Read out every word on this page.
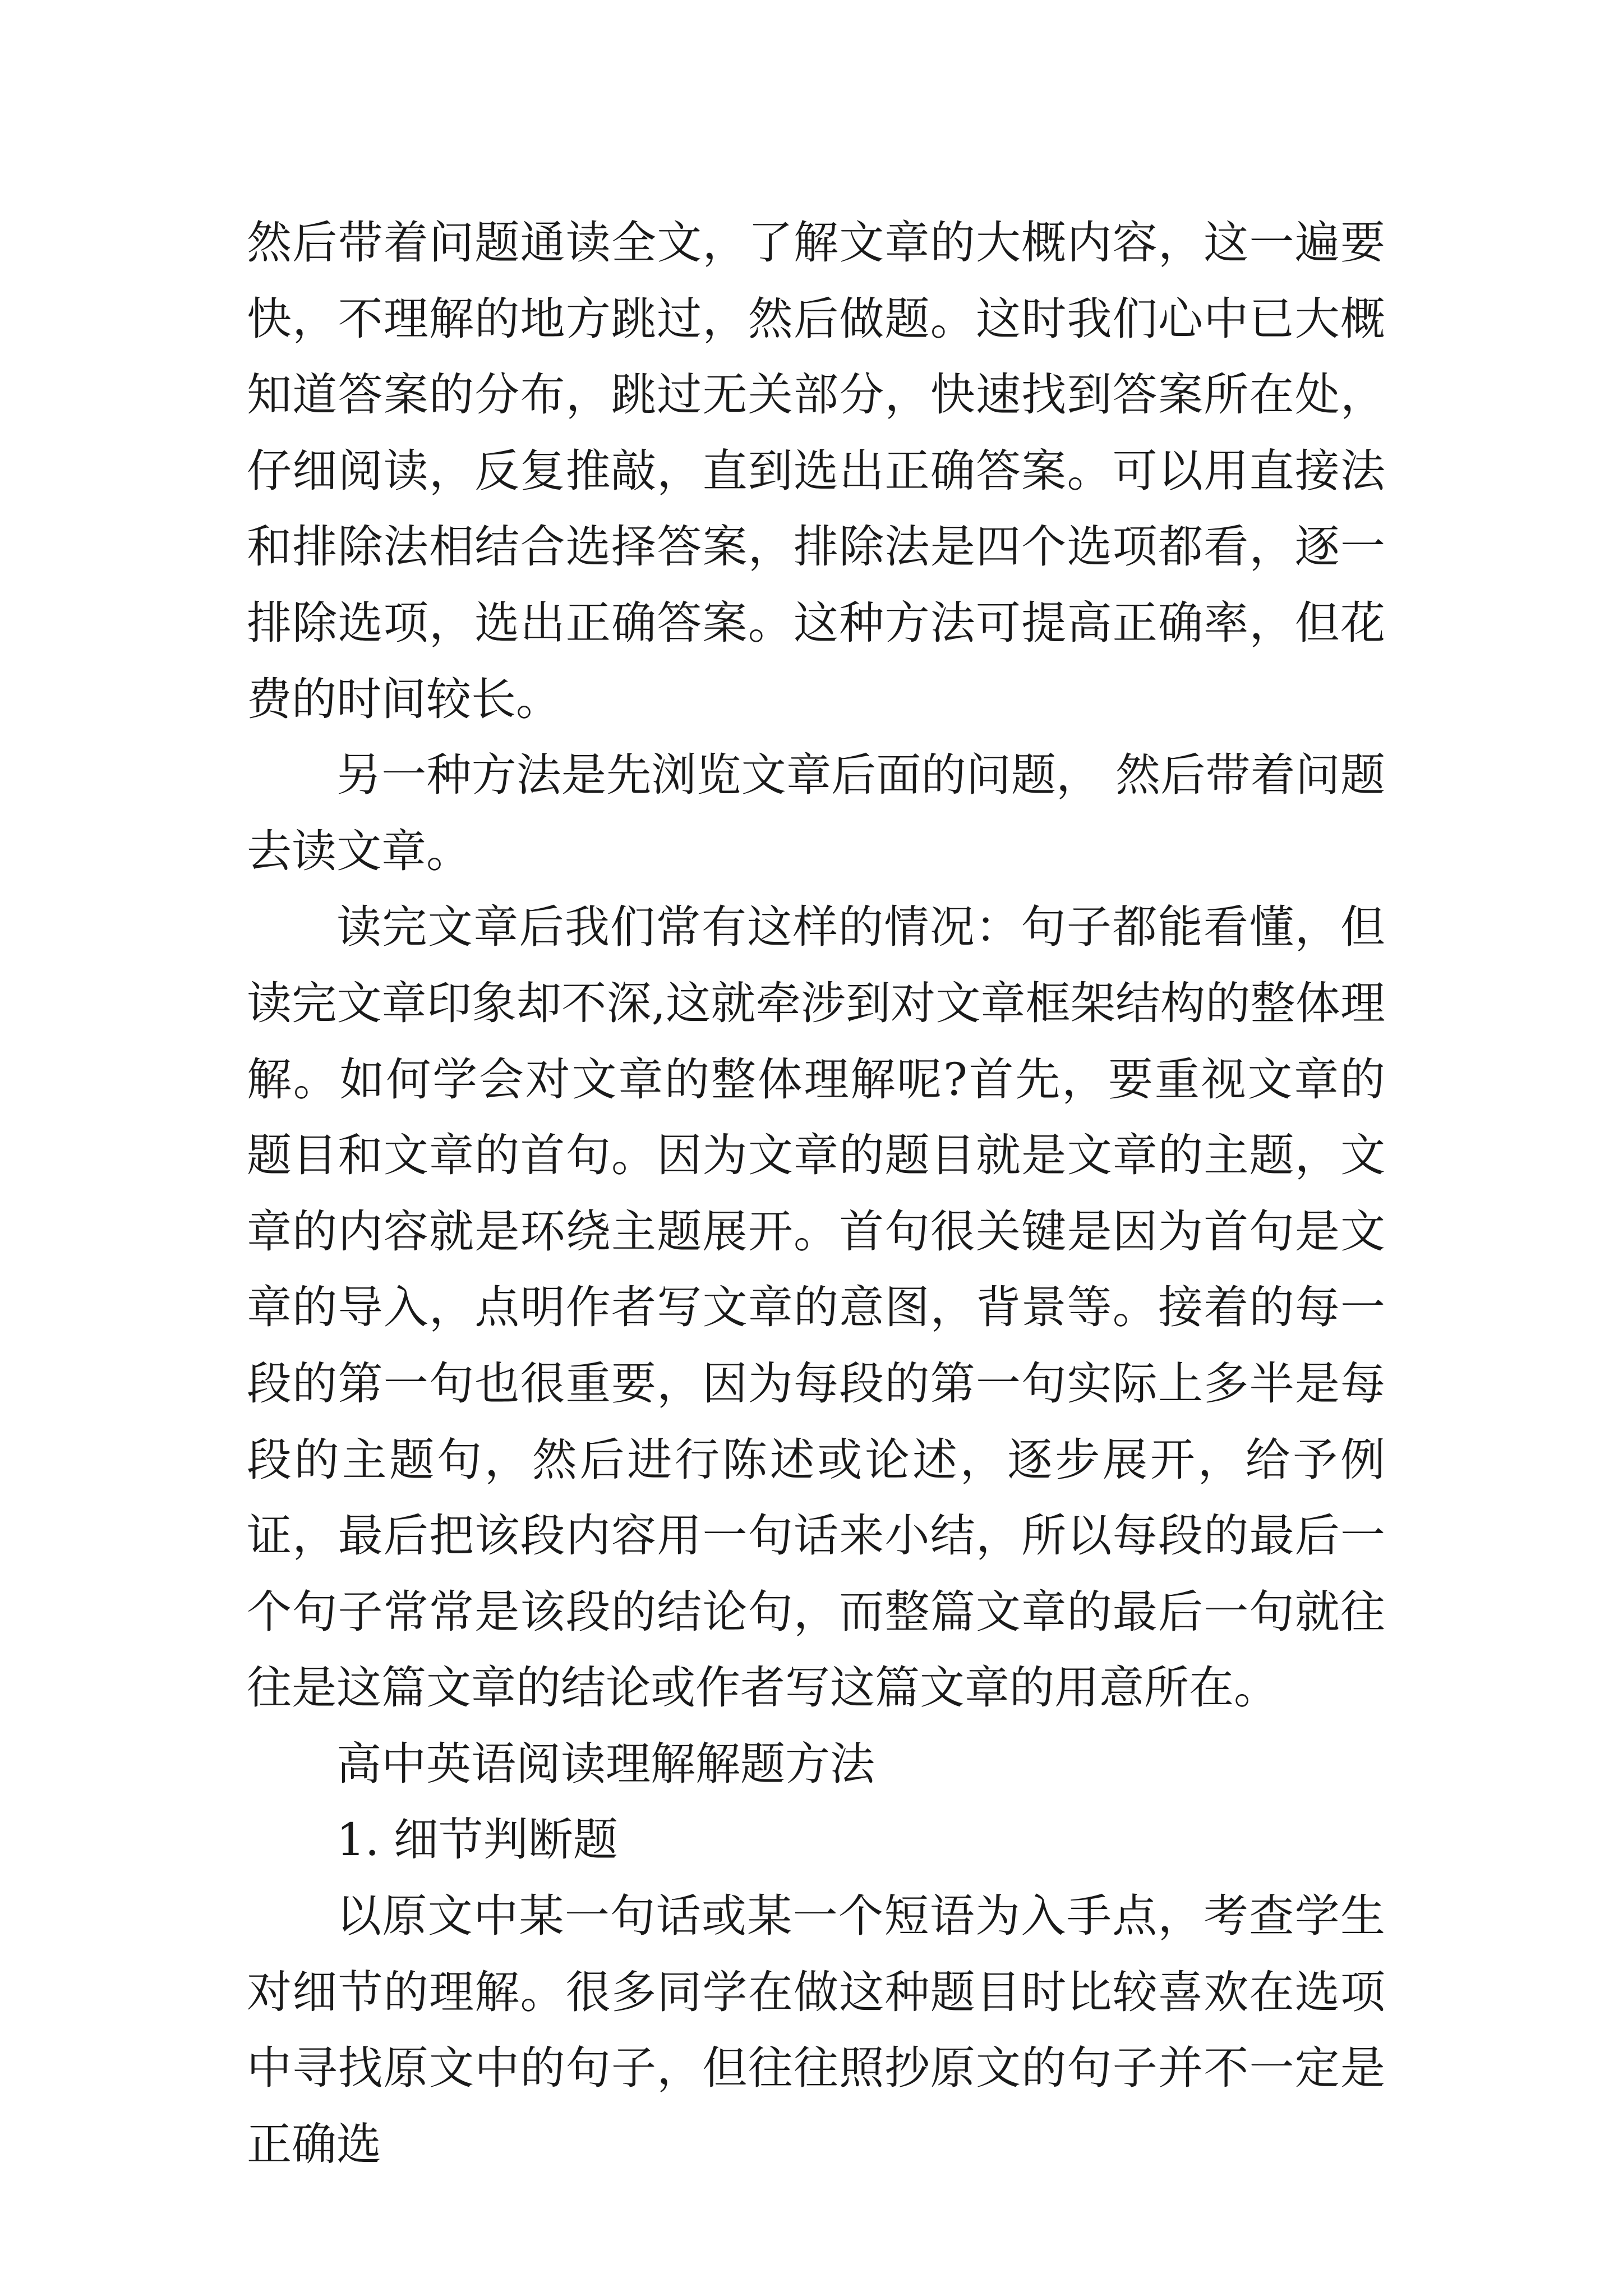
然后带着问题通读全文，了解文章的大概内容，这一遍要快，不理解的地方跳过，然后做题。这时我们心中已大概知道答案的分布，跳过无关部分，快速找到答案所在处，仔细阅读，反复推敲，直到选出正确答案。可以用直接法和排除法相结合选择答案，排除法是四个选项都看，逐一排除选项，选出正确答案。这种方法可提高正确率，但花费的时间较长。

另一种方法是先浏览文章后面的问题， 然后带着问题去读文章。

读完文章后我们常有这样的情况：句子都能看懂，但读完文章印象却不深,这就牵涉到对文章框架结构的整体理解。如何学会对文章的整体理解呢?首先，要重视文章的题目和文章的首句。因为文章的题目就是文章的主题，文章的内容就是环绕主题展开。首句很关键是因为首句是文章的导入，点明作者写文章的意图，背景等。接着的每一段的第一句也很重要，因为每段的第一句实际上多半是每段的主题句，然后进行陈述或论述，逐步展开，给予例证，最后把该段内容用一句话来小结，所以每段的最后一个句子常常是该段的结论句，而整篇文章的最后一句就往往是这篇文章的结论或作者写这篇文章的用意所在。

高中英语阅读理解解题方法

1. 细节判断题

以原文中某一句话或某一个短语为入手点，考查学生对细节的理解。很多同学在做这种题目时比较喜欢在选项中寻找原文中的句子，但往往照抄原文的句子并不一定是正确选
